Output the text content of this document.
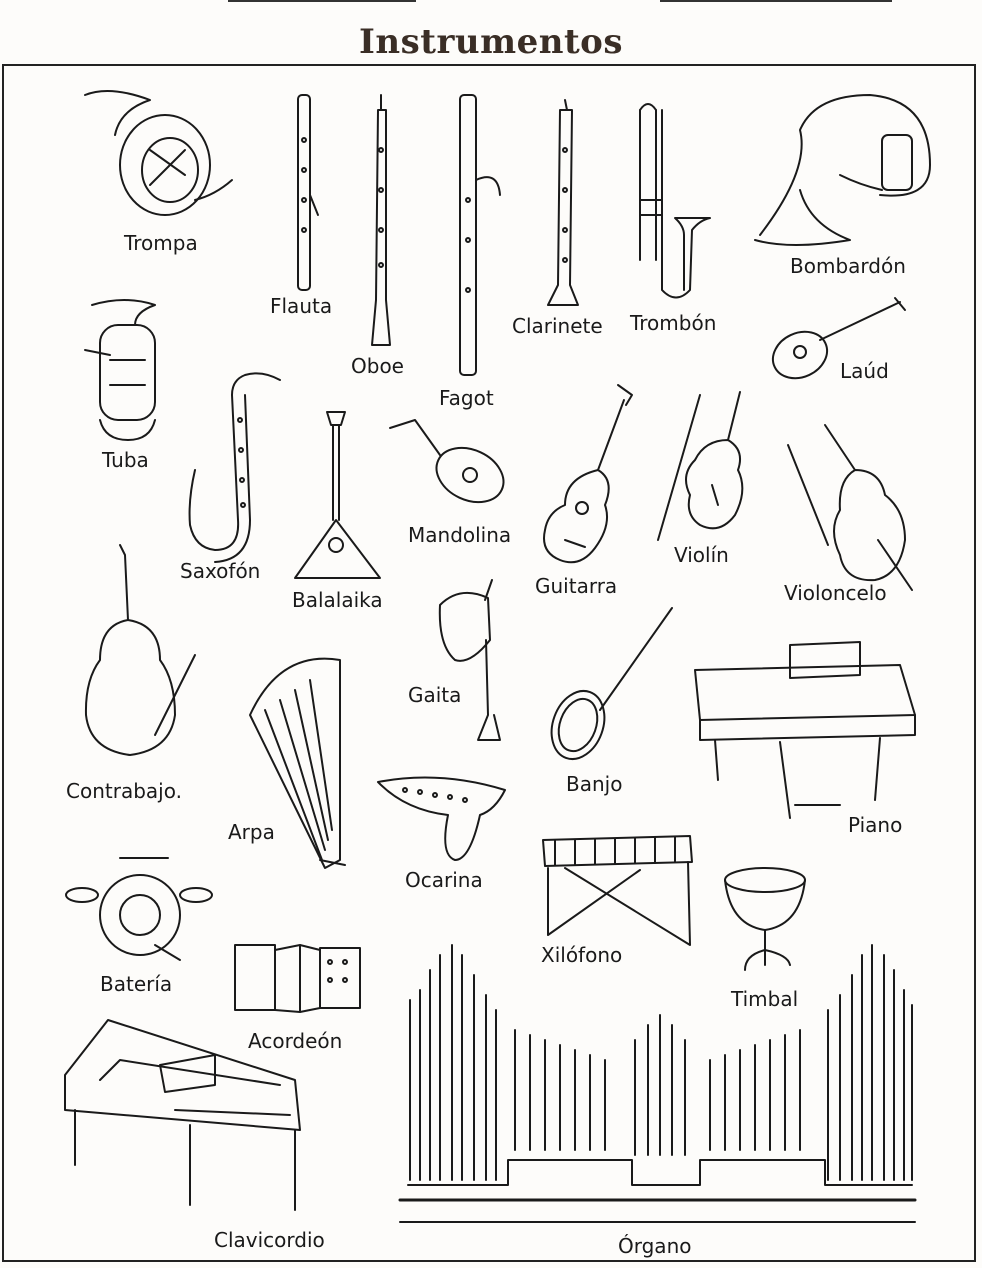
Instrumentos
Trompa
Flauta
Oboe
Fagot
Clarinete Trombón
Bombardón
Laúd
Tuba
Saxofón
Balalaika
Mandolina
Guitarra
Violín
Violoncelo
Contrabajo.
Gaita
Banjo
Piano
Arpa
Ocarina
Xilófono
Timbal
Batería
Acordeón
Clavicordio	Órgano
